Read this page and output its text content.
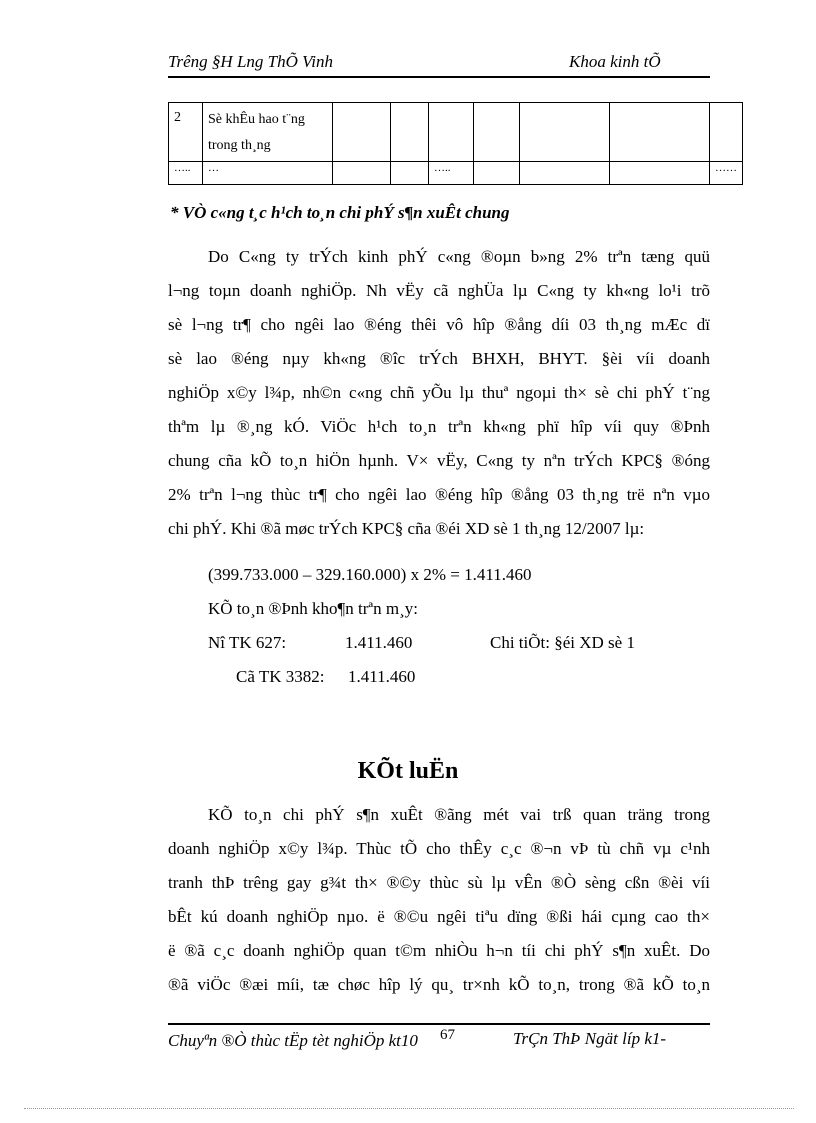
Trêng §H Lng ThÕ Vinh	Khoa kinh tÕ
2	Sè khÊu hao t¨ng trong th¸ng							
…..	…			…..				……
* VÒ c«ng t¸c h¹ch to¸n chi phÝ s¶n xuÊt chung
Do C«ng ty trÝch kinh phÝ c«ng ®oµn b»ng 2% trªn tæng quü
l¬ng toµn doanh nghiÖp. Nh vËy cã nghÜa lµ C«ng ty kh«ng lo¹i trõ
sè l¬ng tr¶ cho ngêi lao ®éng thêi vô hîp ®ång díi 03 th¸ng mÆc dï
sè lao ®éng nµy kh«ng ®îc trÝch BHXH, BHYT. §èi víi doanh
nghiÖp x©y l¾p, nh©n c«ng chñ yÕu lµ thuª ngoµi th× sè chi phÝ t¨ng
thªm lµ ®¸ng kÓ. ViÖc h¹ch to¸n trªn kh«ng phï hîp víi quy ®Þnh
chung cña kÕ to¸n hiÖn hµnh. V× vËy, C«ng ty nªn trÝch KPC§ ®óng
2% trªn l¬ng thùc tr¶ cho ngêi lao ®éng hîp ®ång 03 th¸ng trë nªn vµo
chi phÝ. Khi ®ã møc trÝch KPC§ cña ®éi XD sè 1 th¸ng 12/2007 lµ:
(399.733.000 – 329.160.000) x 2% = 1.411.460
KÕ to¸n ®Þnh kho¶n trªn m¸y:
Nî TK 627:	1.411.460	Chi tiÕt: §éi XD sè 1
Cã TK 3382: 1.411.460
KÕt luËn
KÕ to¸n chi phÝ s¶n xuÊt ®ãng mét vai trß quan träng trong
doanh nghiÖp x©y l¾p. Thùc tÕ cho thÊy c¸c ®¬n vÞ tù chñ vµ c¹nh
tranh thÞ trêng gay g¾t th× ®©y thùc sù lµ vÊn ®Ò sèng cßn ®èi víi
bÊt kú doanh nghiÖp nµo. ë ®©u ngêi tiªu dïng ®ßi hái cµng cao th×
ë ®ã c¸c doanh nghiÖp quan t©m nhiÒu h¬n tíi chi phÝ s¶n xuÊt. Do
®ã viÖc ®æi míi, tæ chøc hîp lý qu¸ tr×nh kÕ to¸n, trong ®ã kÕ to¸n
Chuyªn ®Ò thùc tËp tèt nghiÖp kt10	67	TrÇn ThÞ Ngät líp k1-
